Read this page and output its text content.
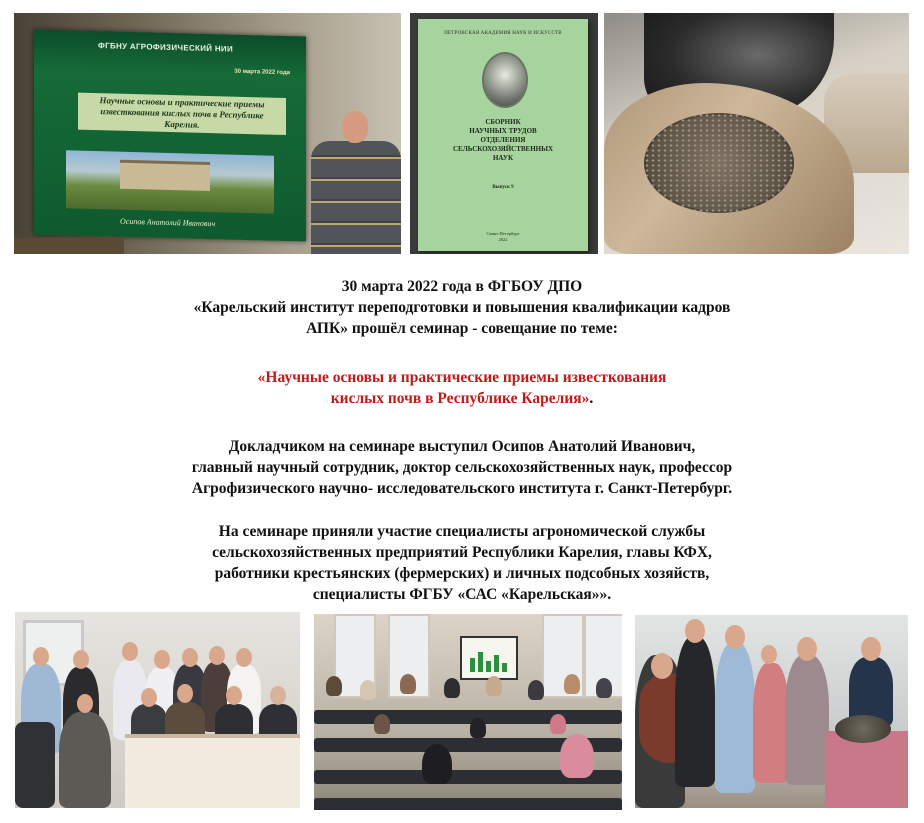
ФГБНУ АГРОФИЗИЧЕСКИЙ НИИ
30 марта 2022 года
Научные основы и практические приемы известкования кислых почв в Республике Карелия.
Осипов Анатолий Иванович
ПЕТРОВСКАЯ АКАДЕМИЯ НАУК И ИСКУССТВ
СБОРНИК
НАУЧНЫХ ТРУДОВ
ОТДЕЛЕНИЯ
СЕЛЬСКОХОЗЯЙСТВЕННЫХ
НАУК
Выпуск 9
Санкт-Петербург
2022
30 марта 2022 года в ФГБОУ ДПО
«Карельский институт переподготовки и повышения квалификации кадров
АПК» прошёл семинар - совещание по теме:
«Научные основы и практические приемы известкования
кислых почв в Республике Карелия».
Докладчиком на семинаре выступил Осипов Анатолий Иванович,
главный научный сотрудник, доктор сельскохозяйственных наук, профессор
Агрофизического научно- исследовательского института г. Санкт-Петербург.
На семинаре приняли участие специалисты агрономической службы
сельскохозяйственных предприятий Республики Карелия, главы КФХ,
работники крестьянских (фермерских) и личных подсобных хозяйств,
специалисты ФГБУ «САС «Карельская»».
